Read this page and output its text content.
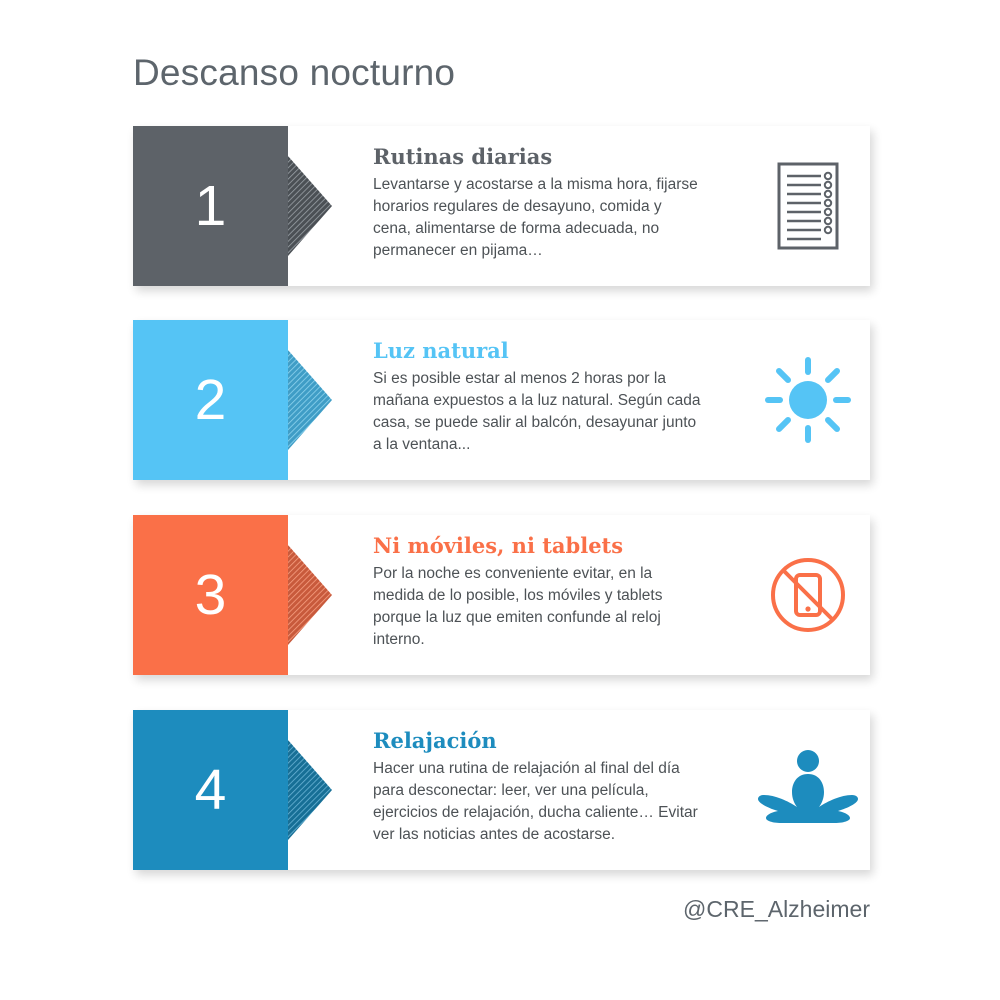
Descanso nocturno
1
Rutinas diarias
Levantarse y acostarse a la misma hora, fijarse horarios regulares de desayuno, comida y cena, alimentarse de forma adecuada, no permanecer en pijama…
2
Luz natural
Si es posible estar al menos 2 horas por la mañana expuestos a la luz natural. Según cada casa, se puede salir al balcón, desayunar junto a la ventana...
3
Ni móviles, ni tablets
Por la noche es conveniente evitar, en la medida de lo posible, los móviles y tablets porque la luz que emiten confunde al reloj interno.
4
Relajación
Hacer una rutina de relajación al final del día para desconectar: leer, ver una película, ejercicios de relajación, ducha caliente… Evitar ver las noticias antes de acostarse.
@CRE_Alzheimer
